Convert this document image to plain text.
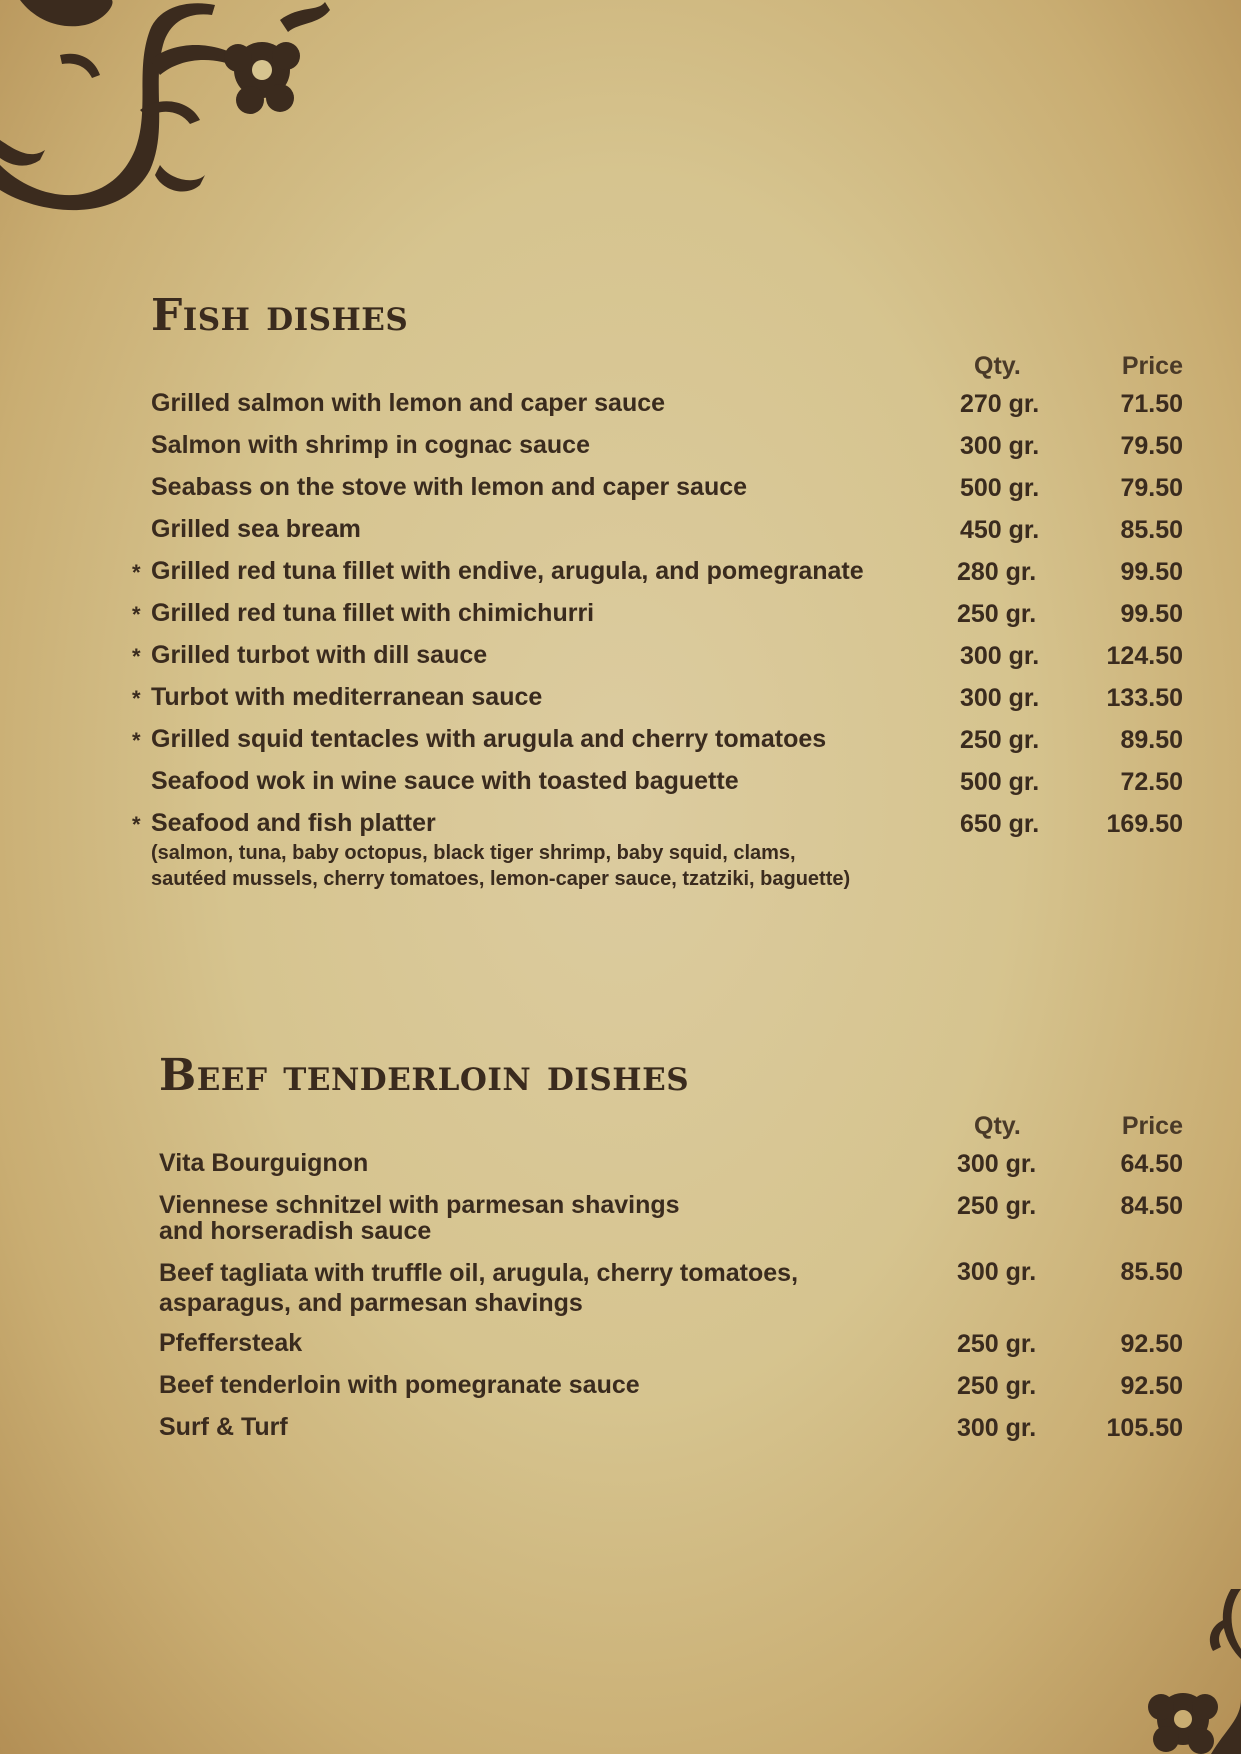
Fish dishes
Qty.	Price
Grilled salmon with lemon and caper sauce	270 gr.	71.50
Salmon with shrimp in cognac sauce	300 gr.	79.50
Seabass on the stove with lemon and caper sauce	500 gr.	79.50
Grilled sea bream	450 gr.	85.50
* Grilled red tuna fillet with endive, arugula, and pomegranate	280 gr.	99.50
* Grilled red tuna fillet with chimichurri	250 gr.	99.50
* Grilled turbot with dill sauce	300 gr.	124.50
* Turbot with mediterranean sauce	300 gr.	133.50
* Grilled squid tentacles with arugula and cherry tomatoes	250 gr.	89.50
Seafood wok in wine sauce with toasted baguette	500 gr.	72.50
* Seafood and fish platter
(salmon, tuna, baby octopus, black tiger shrimp, baby squid, clams,
sautéed mussels, cherry tomatoes, lemon-caper sauce, tzatziki, baguette)
650 gr.	169.50
Beef tenderloin dishes
Qty.	Price
Vita Bourguignon	300 gr.	64.50
Viennese schnitzel with parmesan shavings
and horseradish sauce
250 gr.	84.50
Beef tagliata with truffle oil, arugula, cherry tomatoes,
asparagus, and parmesan shavings
300 gr.	85.50
Pfeffersteak	250 gr.	92.50
Beef tenderloin with pomegranate sauce	250 gr.	92.50
Surf & Turf	300 gr.	105.50
